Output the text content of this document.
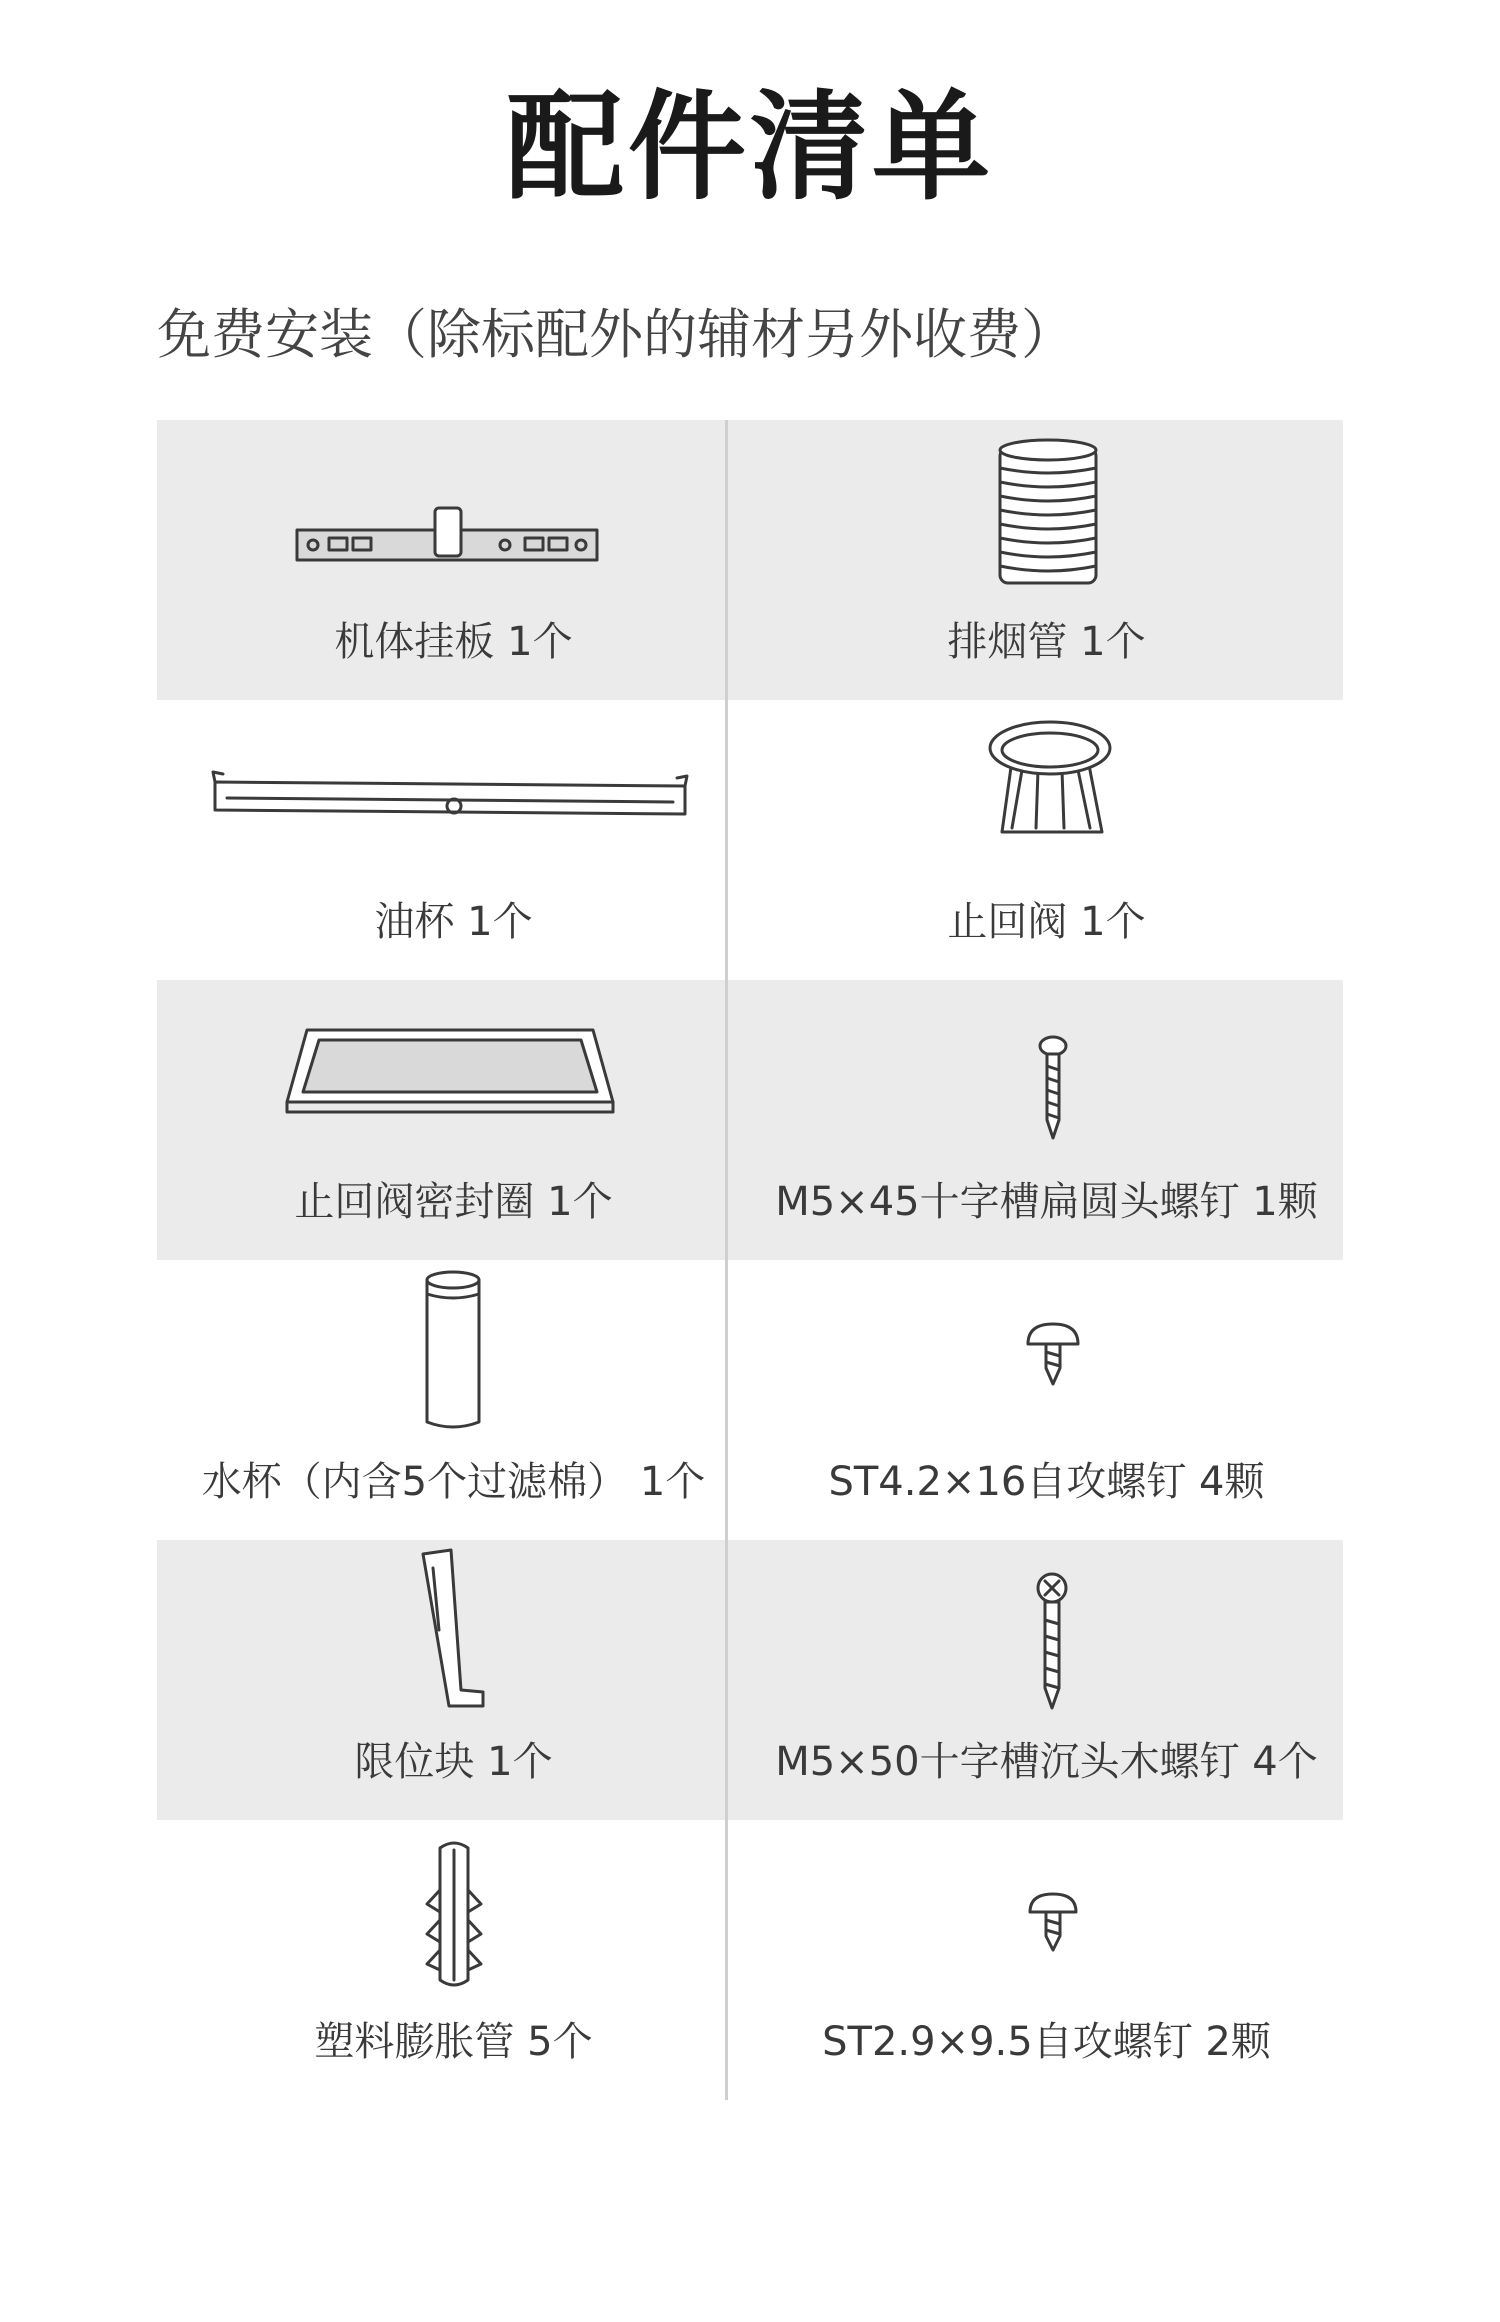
配件清单
免费安装（除标配外的辅材另外收费）
机体挂板 1个	排烟管 1个
油杯 1个	止回阀 1个
止回阀密封圈 1个	M5×45十字槽扁圆头螺钉 1颗
水杯（内含5个过滤棉） 1个	ST4.2×16自攻螺钉 4颗
限位块 1个	M5×50十字槽沉头木螺钉 4个
塑料膨胀管 5个	ST2.9×9.5自攻螺钉 2颗
